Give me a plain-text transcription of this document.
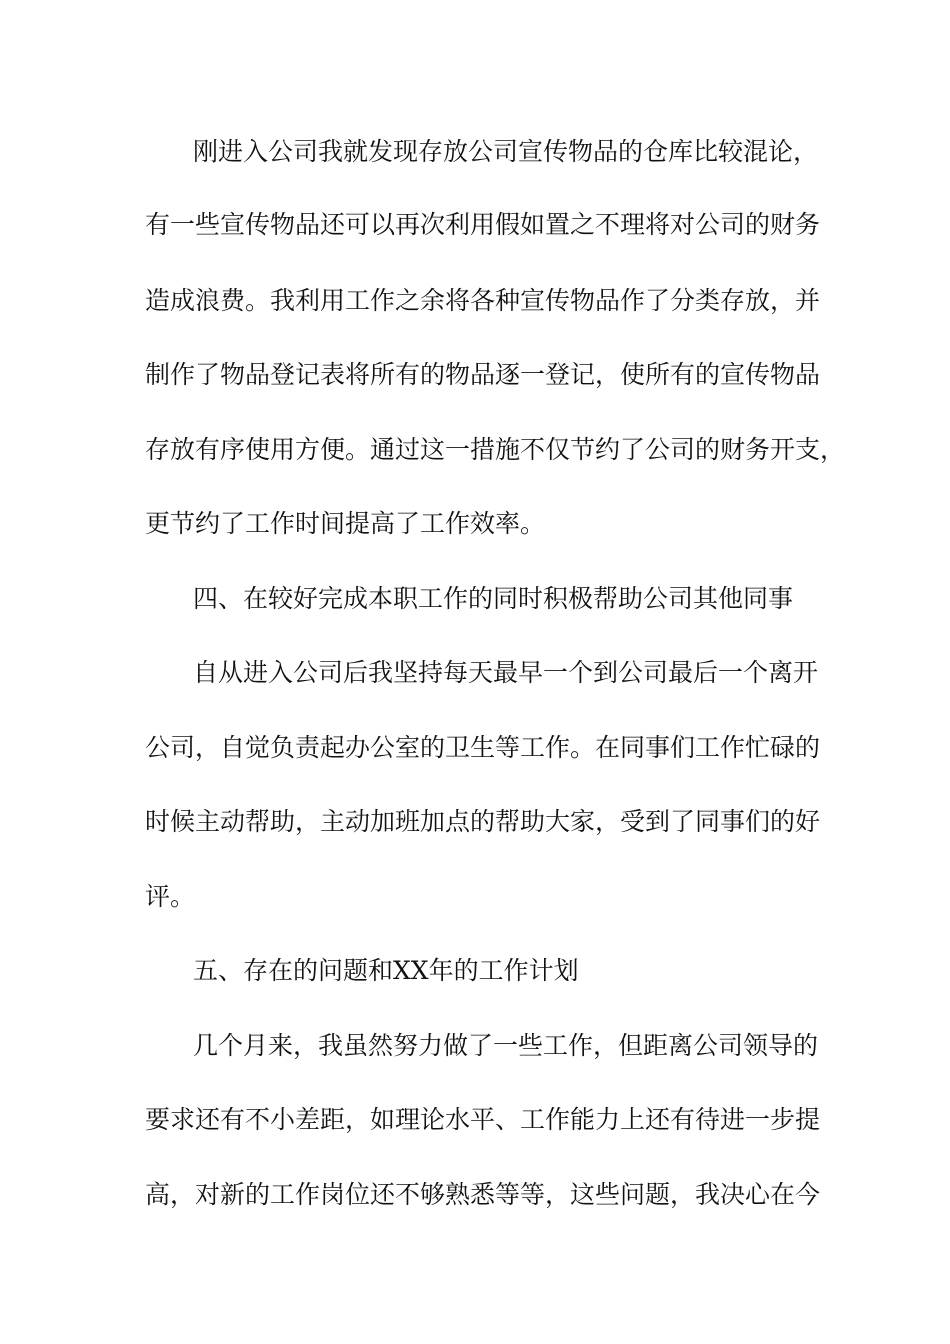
刚进入公司我就发现存放公司宣传物品的仓库比较混论，

有一些宣传物品还可以再次利用假如置之不理将对公司的财务

造成浪费。我利用工作之余将各种宣传物品作了分类存放，并

制作了物品登记表将所有的物品逐一登记，使所有的宣传物品

存放有序使用方便。通过这一措施不仅节约了公司的财务开支，

更节约了工作时间提高了工作效率。

四、在较好完成本职工作的同时积极帮助公司其他同事

自从进入公司后我坚持每天最早一个到公司最后一个离开

公司，自觉负责起办公室的卫生等工作。在同事们工作忙碌的

时候主动帮助，主动加班加点的帮助大家，受到了同事们的好

评。

五、存在的问题和XX年的工作计划

几个月来，我虽然努力做了一些工作，但距离公司领导的

要求还有不小差距，如理论水平、工作能力上还有待进一步提

高，对新的工作岗位还不够熟悉等等，这些问题，我决心在今
